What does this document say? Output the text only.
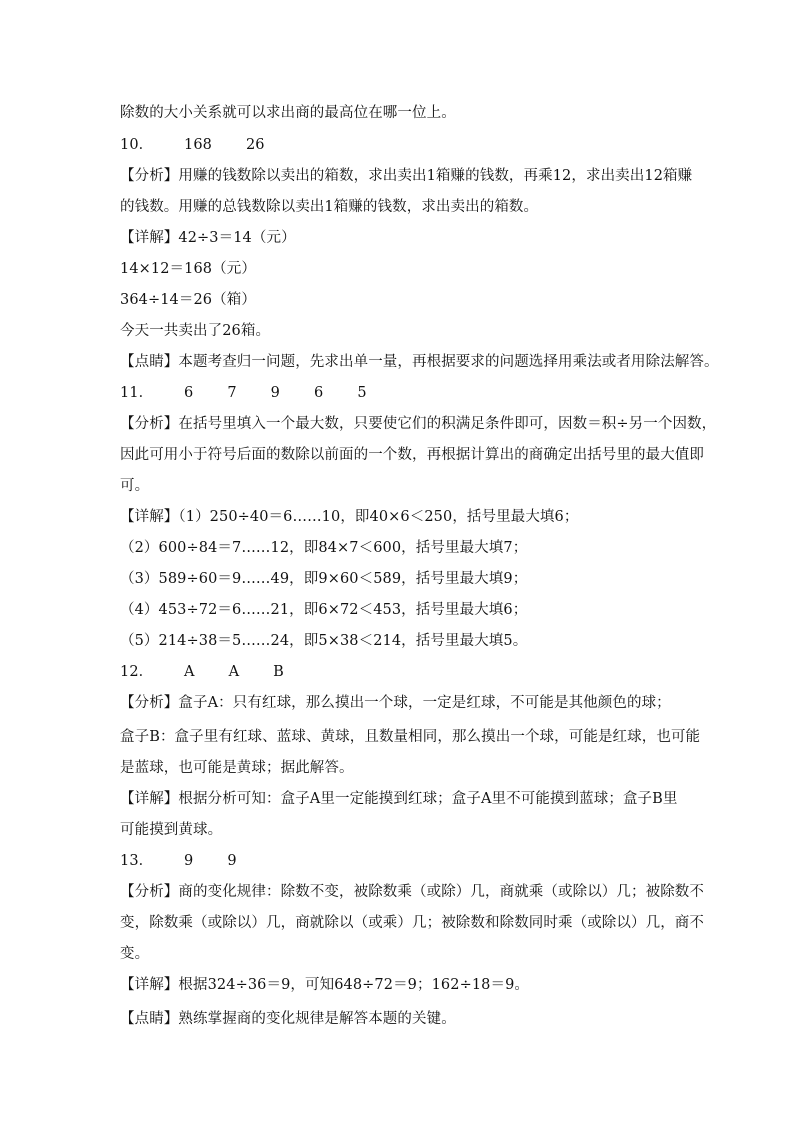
除数的大小关系就可以求出商的最高位在哪一位上。
10． 168 26
【分析】用赚的钱数除以卖出的箱数，求出卖出1箱赚的钱数，再乘12，求出卖出12箱赚
的钱数。用赚的总钱数除以卖出1箱赚的钱数，求出卖出的箱数。
【详解】42÷3＝14（元）
14×12＝168（元）
364÷14＝26（箱）
今天一共卖出了26箱。
【点睛】本题考查归一问题，先求出单一量，再根据要求的问题选择用乘法或者用除法解答。
11． 6 7 9 6 5
【分析】在括号里填入一个最大数，只要使它们的积满足条件即可，因数＝积÷另一个因数，
因此可用小于符号后面的数除以前面的一个数，再根据计算出的商确定出括号里的最大值即
可。
【详解】（1）250÷40＝6……10，即40×6＜250，括号里最大填6；
（2）600÷84＝7……12，即84×7＜600，括号里最大填7；
（3）589÷60＝9……49，即9×60＜589，括号里最大填9；
（4）453÷72＝6……21，即6×72＜453，括号里最大填6；
（5）214÷38＝5……24，即5×38＜214，括号里最大填5。
12． A A B
【分析】盒子A：只有红球，那么摸出一个球，一定是红球，不可能是其他颜色的球；
盒子B：盒子里有红球、蓝球、黄球，且数量相同，那么摸出一个球，可能是红球，也可能
是蓝球，也可能是黄球；据此解答。
【详解】根据分析可知：盒子A里一定能摸到红球；盒子A里不可能摸到蓝球；盒子B里
可能摸到黄球。
13． 9 9
【分析】商的变化规律：除数不变，被除数乘（或除）几，商就乘（或除以）几；被除数不
变，除数乘（或除以）几，商就除以（或乘）几；被除数和除数同时乘（或除以）几，商不
变。
【详解】根据324÷36＝9，可知648÷72＝9；162÷18＝9。
【点睛】熟练掌握商的变化规律是解答本题的关键。
